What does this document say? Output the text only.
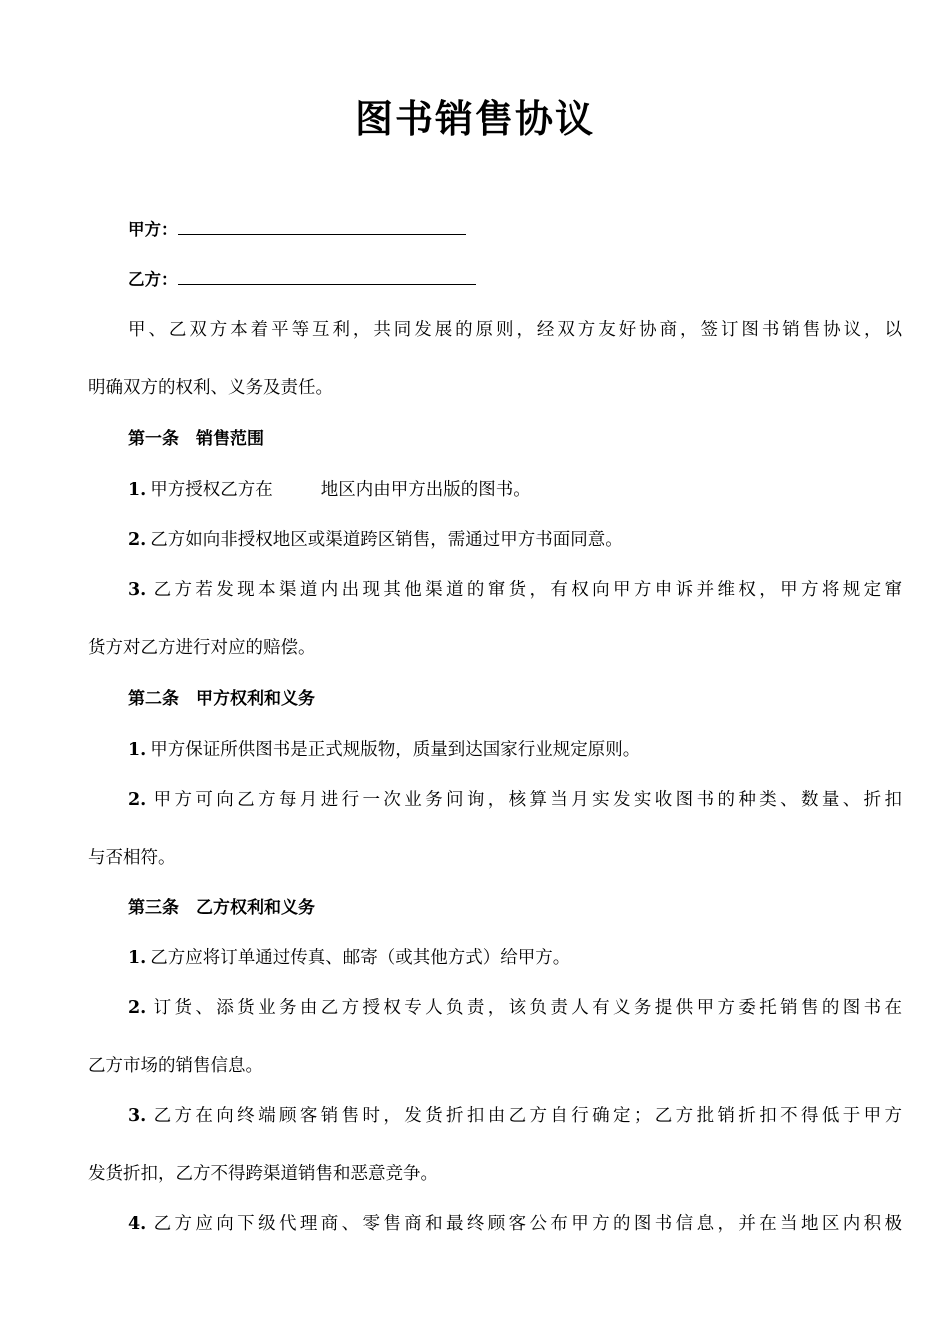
图书销售协议
甲方：
乙方：
甲、乙双方本着平等互利，共同发展的原则，经双方友好协商，签订图书销售协议，以
明确双方的权利、义务及责任。
第一条　销售范围
1. 甲方授权乙方在	地区内由甲方出版的图书。
2. 乙方如向非授权地区或渠道跨区销售，需通过甲方书面同意。
3. 乙方若发现本渠道内出现其他渠道的窜货，有权向甲方申诉并维权，甲方将规定窜
货方对乙方进行对应的赔偿。
第二条　甲方权利和义务
1. 甲方保证所供图书是正式规版物，质量到达国家行业规定原则。
2. 甲方可向乙方每月进行一次业务问询，核算当月实发实收图书的种类、数量、折扣
与否相符。
第三条　乙方权利和义务
1. 乙方应将订单通过传真、邮寄（或其他方式）给甲方。
2. 订货、添货业务由乙方授权专人负责，该负责人有义务提供甲方委托销售的图书在
乙方市场的销售信息。
3. 乙方在向终端顾客销售时，发货折扣由乙方自行确定；乙方批销折扣不得低于甲方
发货折扣，乙方不得跨渠道销售和恶意竞争。
4. 乙方应向下级代理商、零售商和最终顾客公布甲方的图书信息，并在当地区内积极
